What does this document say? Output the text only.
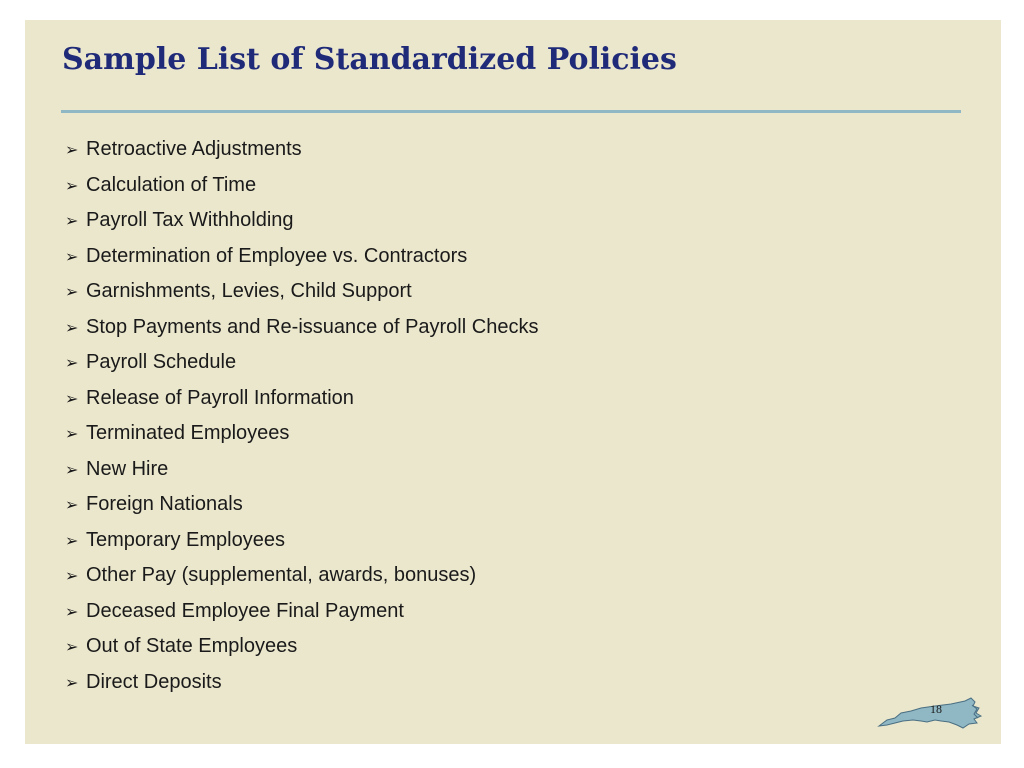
Sample List of Standardized Policies
➢ Retroactive Adjustments
➢ Calculation of Time
➢ Payroll Tax Withholding
➢ Determination of Employee vs. Contractors
➢ Garnishments, Levies, Child Support
➢ Stop Payments and Re-issuance of Payroll Checks
➢ Payroll Schedule
➢ Release of Payroll Information
➢ Terminated Employees
➢ New Hire
➢ Foreign Nationals
➢ Temporary Employees
➢ Other Pay (supplemental, awards, bonuses)
➢ Deceased Employee Final Payment
➢ Out of State Employees
➢ Direct Deposits
18
